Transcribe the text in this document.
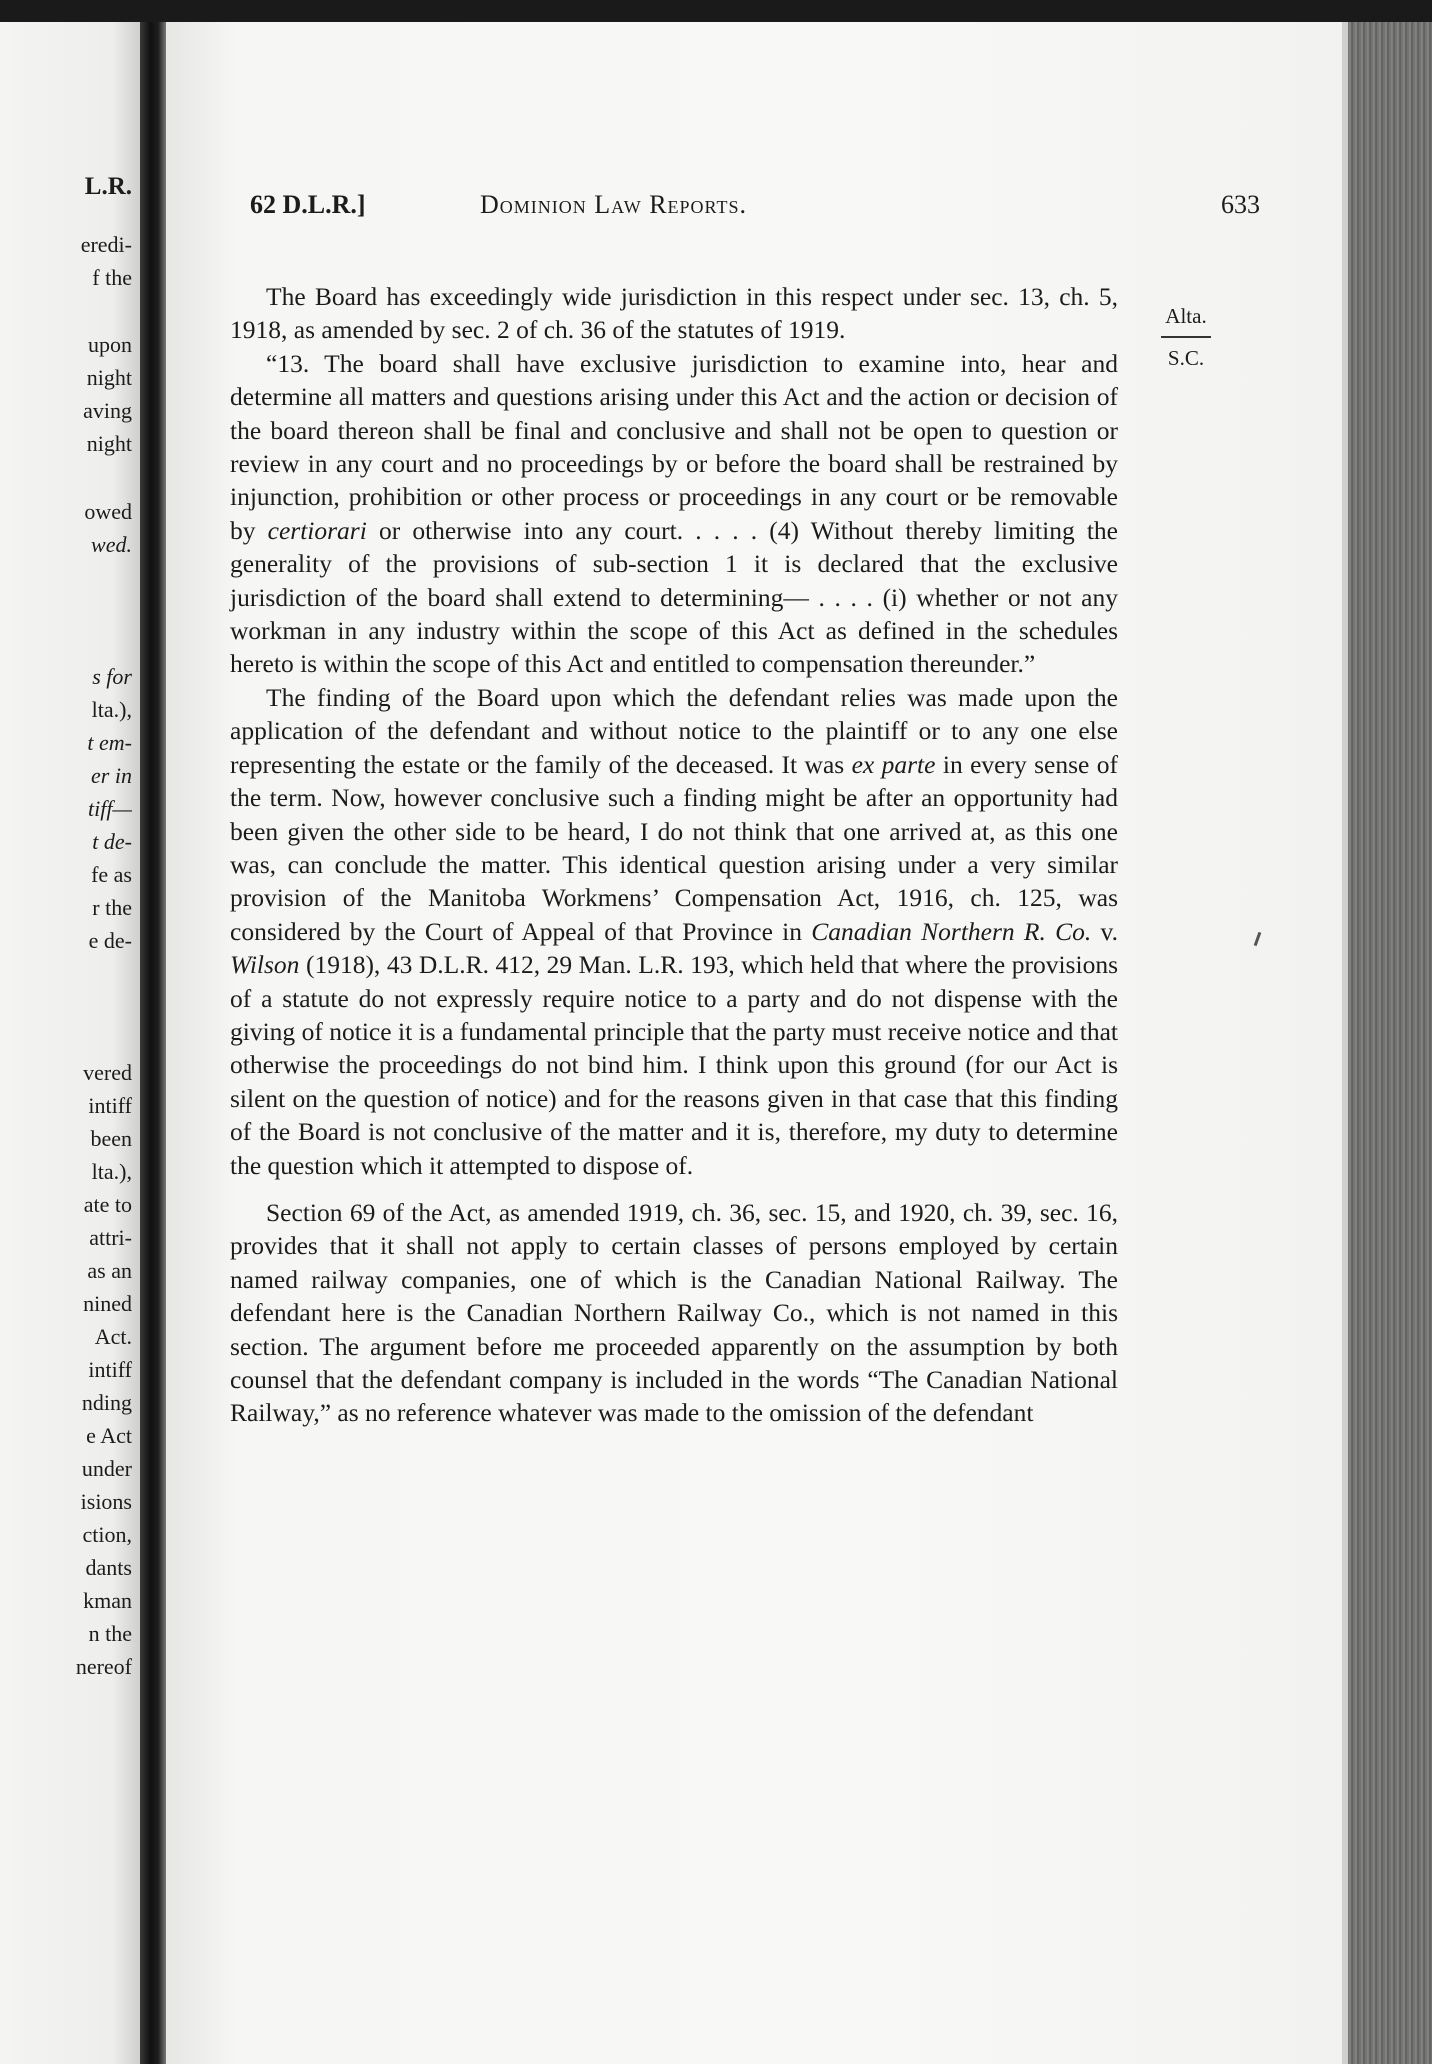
L.R.
eredi-
f the
upon
night
aving
night
owed
wed.
s for
lta.),
t em-
er in
tiff—
t de-
fe as
r the
e de-
vered
intiff
been
lta.),
ate to
attri-
as an
nined
Act.
intiff
nding
e Act
under
isions
ction,
dants
kman
n the
nereof
62 D.L.R.]	Dominion Law Reports.	633
Alta.
S.C.

The Board has exceedingly wide jurisdiction in this respect under sec. 13, ch. 5, 1918, as amended by sec. 2 of ch. 36 of the statutes of 1919.

“13. The board shall have exclusive jurisdiction to examine into, hear and determine all matters and questions arising under this Act and the action or decision of the board thereon shall be final and conclusive and shall not be open to question or review in any court and no proceedings by or before the board shall be restrained by injunction, prohibition or other process or proceedings in any court or be removable by certiorari or otherwise into any court. . . . . (4) Without thereby limiting the generality of the provisions of sub-section 1 it is declared that the exclusive jurisdiction of the board shall extend to determining— . . . . (i) whether or not any workman in any industry within the scope of this Act as defined in the schedules hereto is within the scope of this Act and entitled to compensation thereunder.”

The finding of the Board upon which the defendant relies was made upon the application of the defendant and without notice to the plaintiff or to any one else representing the estate or the family of the deceased. It was ex parte in every sense of the term. Now, however conclusive such a finding might be after an opportunity had been given the other side to be heard, I do not think that one arrived at, as this one was, can conclude the matter. This identical question arising under a very similar provision of the Manitoba Workmens’ Compensation Act, 1916, ch. 125, was considered by the Court of Appeal of that Province in Canadian Northern R. Co. v. Wilson (1918), 43 D.L.R. 412, 29 Man. L.R. 193, which held that where the provisions of a statute do not expressly require notice to a party and do not dispense with the giving of notice it is a fundamental principle that the party must receive notice and that otherwise the proceedings do not bind him. I think upon this ground (for our Act is silent on the question of notice) and for the reasons given in that case that this finding of the Board is not conclusive of the matter and it is, therefore, my duty to determine the question which it attempted to dispose of.

Section 69 of the Act, as amended 1919, ch. 36, sec. 15, and 1920, ch. 39, sec. 16, provides that it shall not apply to certain classes of persons employed by certain named railway companies, one of which is the Canadian National Railway. The defendant here is the Canadian Northern Railway Co., which is not named in this section. The argument before me proceeded apparently on the assumption by both counsel that the defendant company is included in the words “The Canadian National Railway,” as no reference whatever was made to the omission of the defendant
